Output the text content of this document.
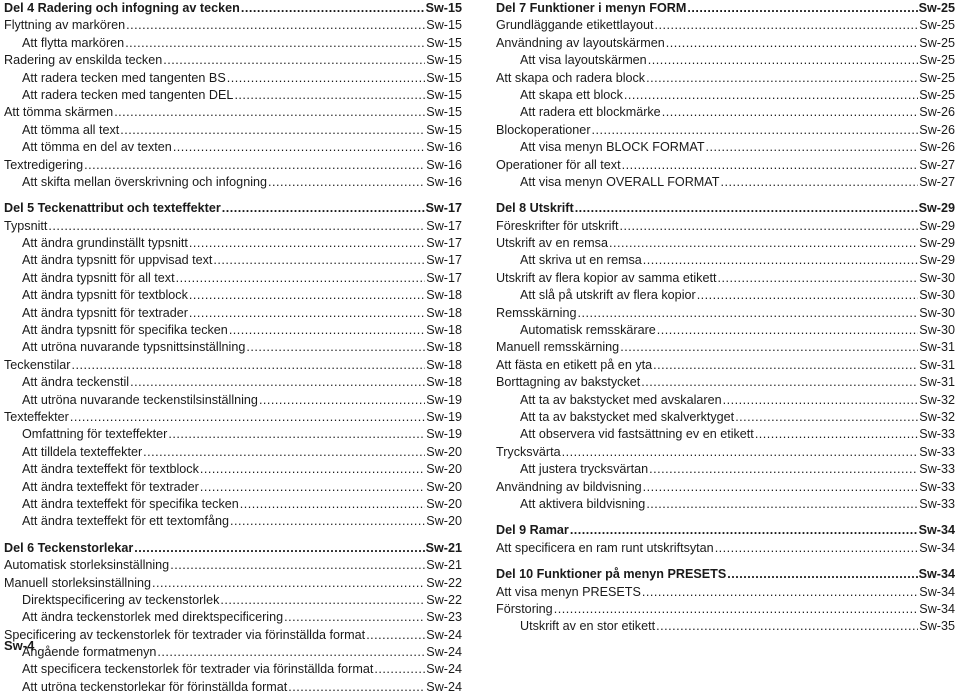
Del 4 Radering och infogning av tecken .....	Sw-15
Flyttning av markören .....	Sw-15
Att flytta markören .....	Sw-15
Radering av enskilda tecken .....	Sw-15
Att radera tecken med tangenten BS .....	Sw-15
Att radera tecken med tangenten DEL .....	Sw-15
Att tömma skärmen .....	Sw-15
Att tömma all text .....	Sw-15
Att tömma en del av texten .....	Sw-16
Textredigering .....	Sw-16
Att skifta mellan överskrivning och infogning .....	Sw-16
Del 5 Teckenattribut och texteffekter .....	Sw-17
Typsnitt .....	Sw-17
Att ändra grundinställt typsnitt .....	Sw-17
Att ändra typsnitt för uppvisad text .....	Sw-17
Att ändra typsnitt för all text .....	Sw-17
Att ändra typsnitt för textblock .....	Sw-18
Att ändra typsnitt för textrader .....	Sw-18
Att ändra typsnitt för specifika tecken .....	Sw-18
Att utröna nuvarande typsnittsinställning .....	Sw-18
Teckenstilar .....	Sw-18
Att ändra teckenstil .....	Sw-18
Att utröna nuvarande teckenstilsinställning .....	Sw-19
Texteffekter .....	Sw-19
Omfattning för texteffekter .....	Sw-19
Att tilldela texteffekter .....	Sw-20
Att ändra texteffekt för textblock .....	Sw-20
Att ändra texteffekt för textrader .....	Sw-20
Att ändra texteffekt för specifika tecken .....	Sw-20
Att ändra texteffekt för ett textomfång .....	Sw-20
Del 6 Teckenstorlekar .....	Sw-21
Automatisk storleksinställning .....	Sw-21
Manuell storleksinställning .....	Sw-22
Direktspecificering av teckenstorlek .....	Sw-22
Att ändra teckenstorlek med direktspecificering .....	Sw-23
Specificering av teckenstorlek för textrader via förinställda format .....	Sw-24
Angående formatmenyn .....	Sw-24
Att specificera teckenstorlek för textrader via förinställda format .....	Sw-24
Att utröna teckenstorlekar för förinställda format .....	Sw-24
Del 7 Funktioner i menyn FORM .....	Sw-25
Grundläggande etikettlayout .....	Sw-25
Användning av layoutskärmen .....	Sw-25
Att visa layoutskärmen .....	Sw-25
Att skapa och radera block .....	Sw-25
Att skapa ett block .....	Sw-25
Att radera ett blockmärke .....	Sw-26
Blockoperationer .....	Sw-26
Att visa menyn BLOCK FORMAT .....	Sw-26
Operationer för all text .....	Sw-27
Att visa menyn OVERALL FORMAT .....	Sw-27
Del 8 Utskrift .....	Sw-29
Föreskrifter för utskrift .....	Sw-29
Utskrift av en remsa .....	Sw-29
Att skriva ut en remsa .....	Sw-29
Utskrift av flera kopior av samma etikett .....	Sw-30
Att slå på utskrift av flera kopior .....	Sw-30
Remsskärning .....	Sw-30
Automatisk remsskärare .....	Sw-30
Manuell remsskärning .....	Sw-31
Att fästa en etikett på en yta .....	Sw-31
Borttagning av bakstycket .....	Sw-31
Att ta av bakstycket med avskalaren .....	Sw-32
Att ta av bakstycket med skalverktyget .....	Sw-32
Att observera vid fastsättning ev en etikett .....	Sw-33
Trycksvärta .....	Sw-33
Att justera trycksvärtan .....	Sw-33
Användning av bildvisning .....	Sw-33
Att aktivera bildvisning .....	Sw-33
Del 9 Ramar .....	Sw-34
Att specificera en ram runt utskriftsytan .....	Sw-34
Del 10 Funktioner på menyn PRESETS .....	Sw-34
Att visa menyn PRESETS .....	Sw-34
Förstoring .....	Sw-34
Utskrift av en stor etikett .....	Sw-35
Sw-4
